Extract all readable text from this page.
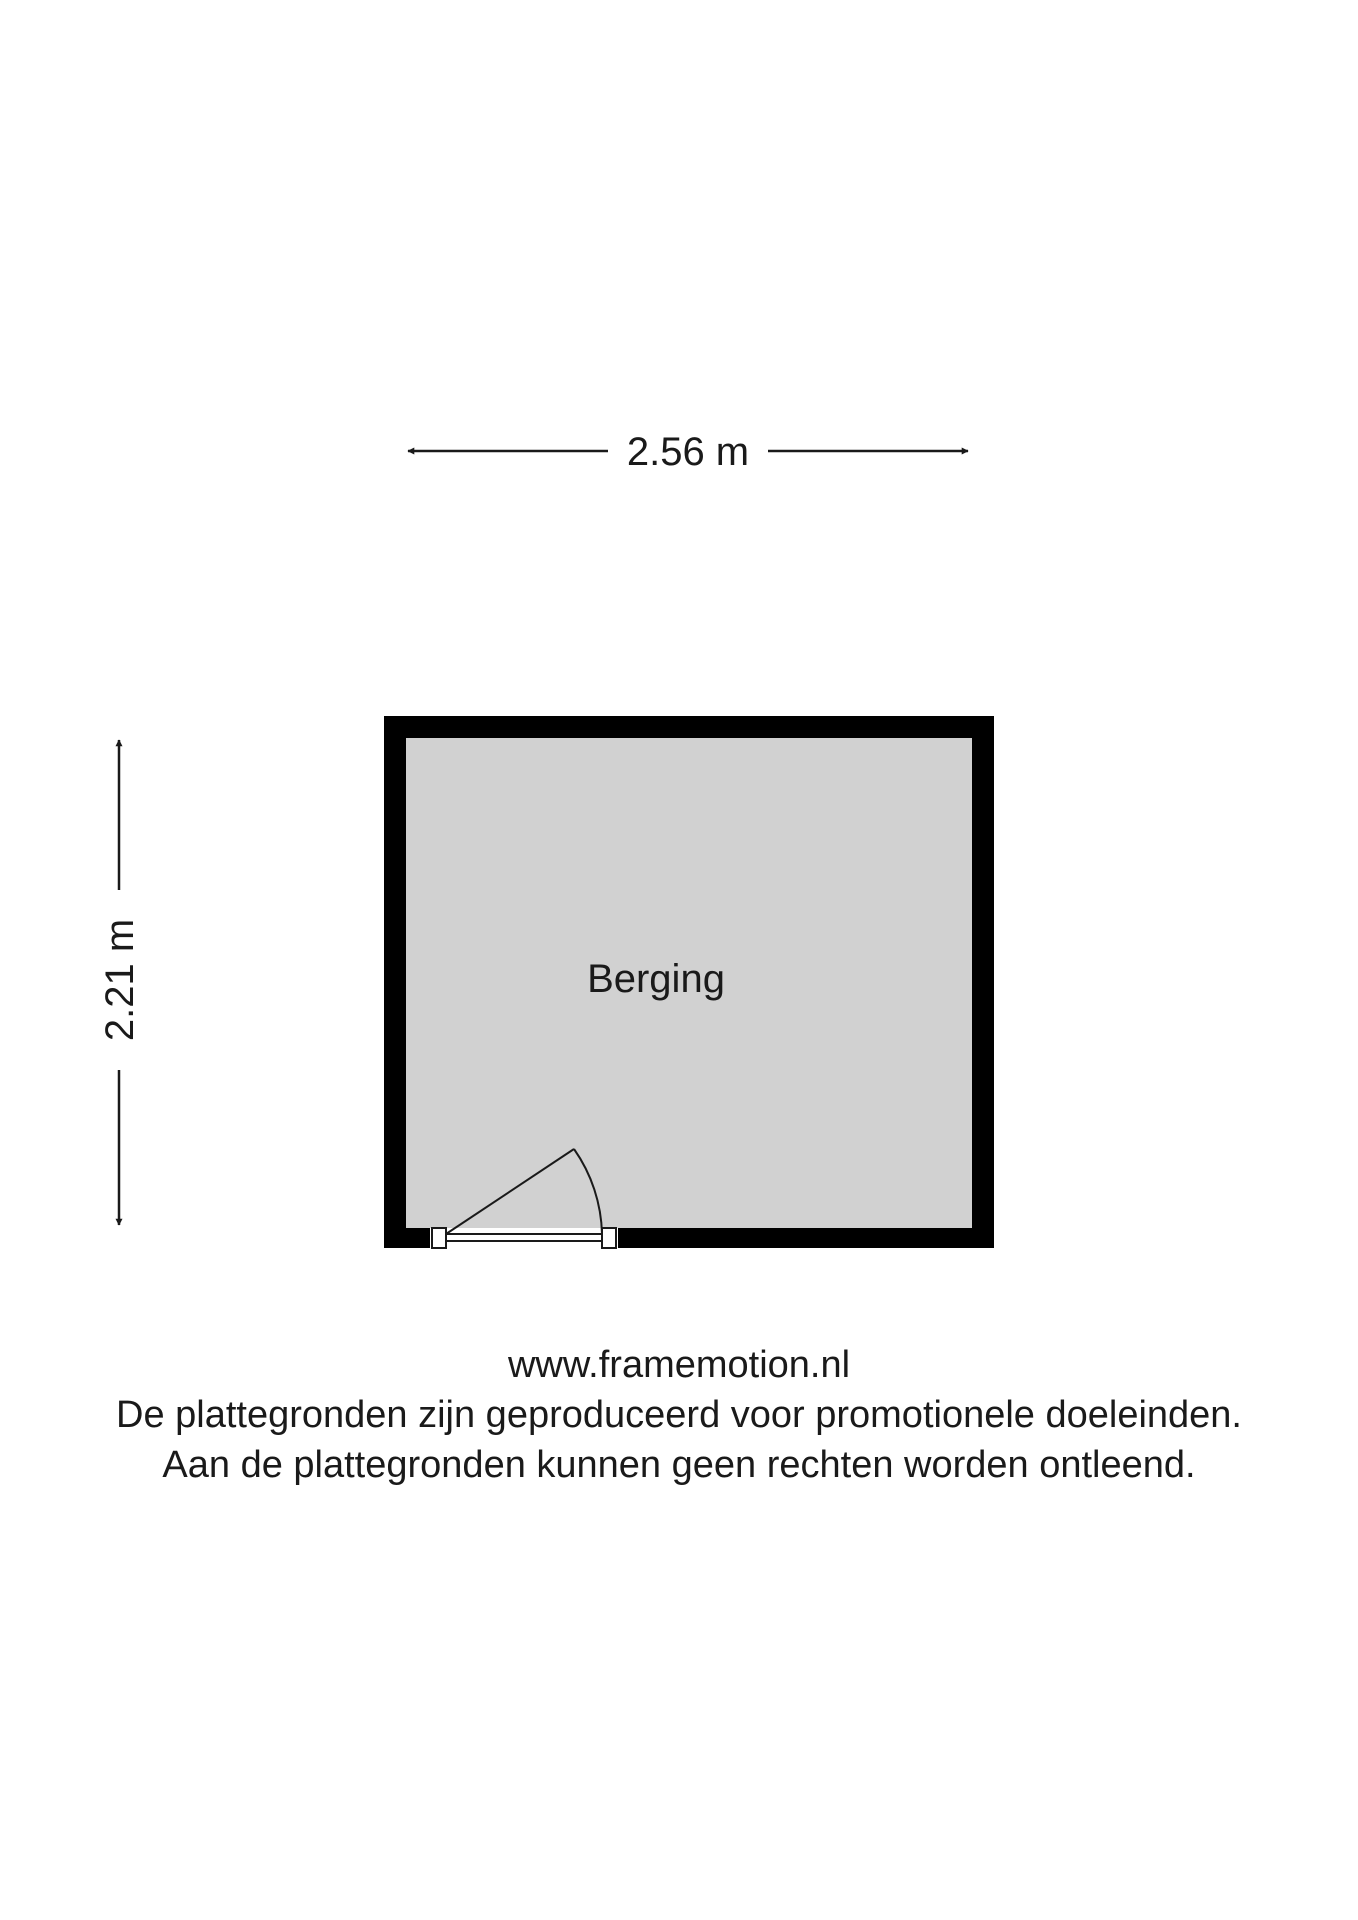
2.56 m
2.21 m	Berging
www.framemotion.nl
De plattegronden zijn geproduceerd voor promotionele doeleinden.
Aan de plattegronden kunnen geen rechten worden ontleend.
